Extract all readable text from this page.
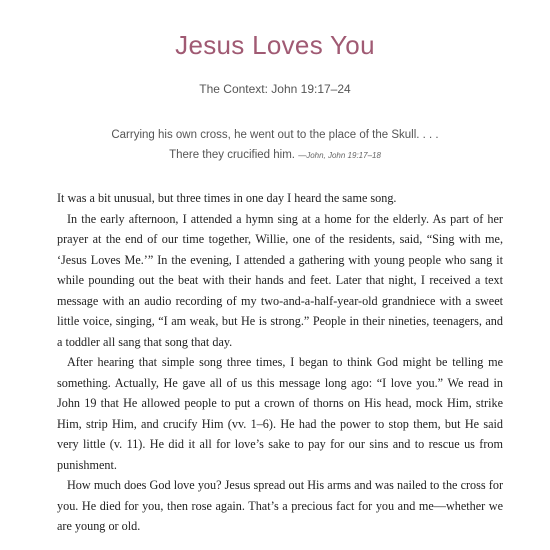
Jesus Loves You
The Context: John 19:17–24
Carrying his own cross, he went out to the place of the Skull. . . .
There they crucified him. —John, John 19:17–18

It was a bit unusual, but three times in one day I heard the same song.

In the early afternoon, I attended a hymn sing at a home for the elderly. As part of her prayer at the end of our time together, Willie, one of the residents, said, “Sing with me, ‘Jesus Loves Me.’” In the evening, I attended a gathering with young people who sang it while pounding out the beat with their hands and feet. Later that night, I received a text message with an audio recording of my two-and-a-half-year-old grandniece with a sweet little voice, singing, “I am weak, but He is strong.” People in their nineties, teenagers, and a toddler all sang that song that day.

After hearing that simple song three times, I began to think God might be telling me something. Actually, He gave all of us this message long ago: “I love you.” We read in John 19 that He allowed people to put a crown of thorns on His head, mock Him, strike Him, strip Him, and crucify Him (vv. 1–6). He had the power to stop them, but He said very little (v. 11). He did it all for love’s sake to pay for our sins and to rescue us from punishment.

How much does God love you? Jesus spread out His arms and was nailed to the cross for you. He died for you, then rose again. That’s a precious fact for you and me—whether we are young or old.
